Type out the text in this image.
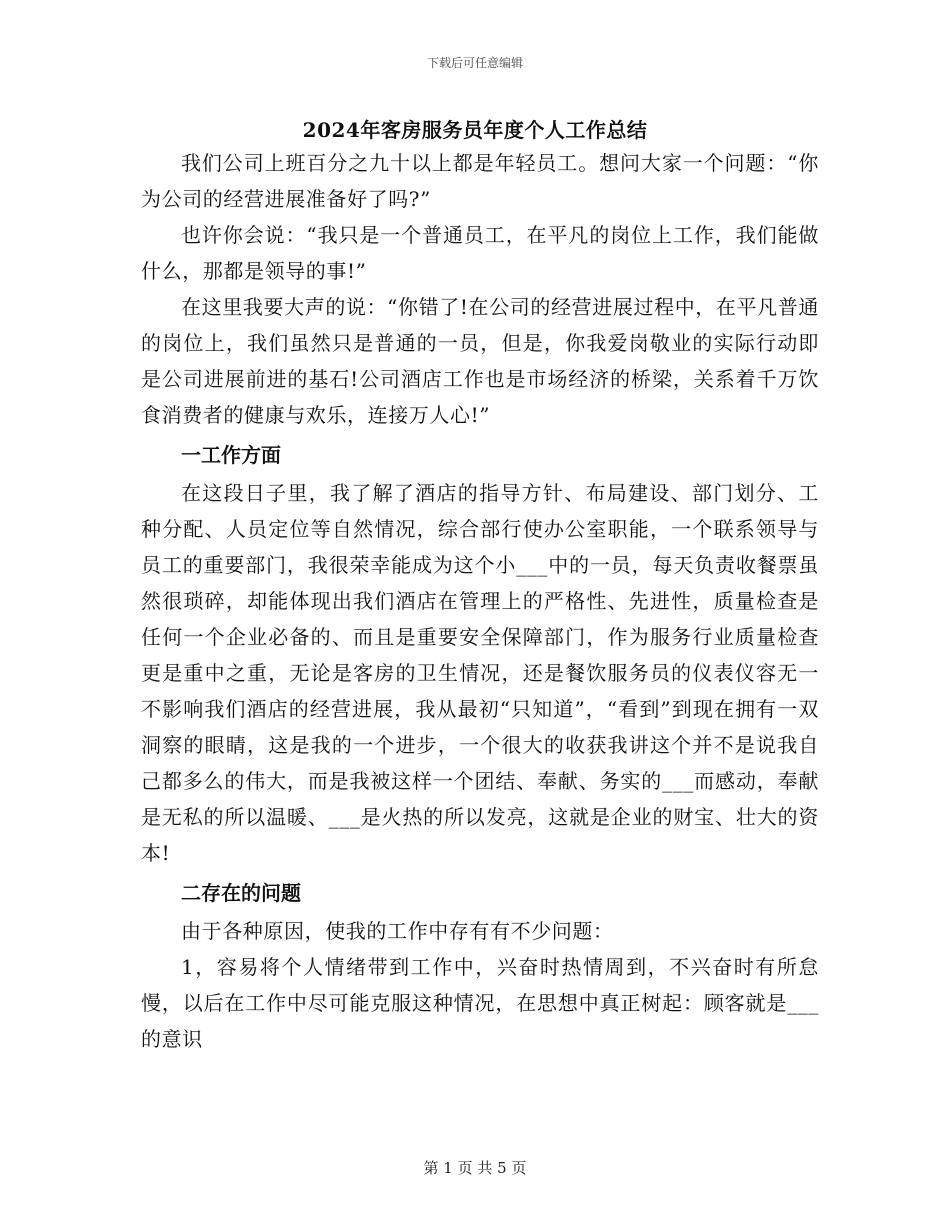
下载后可任意编辑
2024年客房服务员年度个人工作总结

我们公司上班百分之九十以上都是年轻员工。想问大家一个问题：“你为公司的经营进展准备好了吗?”

也许你会说：“我只是一个普通员工，在平凡的岗位上工作，我们能做什么，那都是领导的事!”

在这里我要大声的说：“你错了!在公司的经营进展过程中，在平凡普通的岗位上，我们虽然只是普通的一员，但是，你我爱岗敬业的实际行动即是公司进展前进的基石!公司酒店工作也是市场经济的桥梁，关系着千万饮食消费者的健康与欢乐，连接万人心!”

一工作方面

在这段日子里，我了解了酒店的指导方针、布局建设、部门划分、工种分配、人员定位等自然情况，综合部行使办公室职能，一个联系领导与员工的重要部门，我很荣幸能成为这个小___中的一员，每天负责收餐票虽然很琐碎，却能体现出我们酒店在管理上的严格性、先进性，质量检查是任何一个企业必备的、而且是重要安全保障部门，作为服务行业质量检查更是重中之重，无论是客房的卫生情况，还是餐饮服务员的仪表仪容无一不影响我们酒店的经营进展，我从最初“只知道”，“看到”到现在拥有一双洞察的眼睛，这是我的一个进步，一个很大的收获我讲这个并不是说我自己都多么的伟大，而是我被这样一个团结、奉献、务实的___而感动，奉献是无私的所以温暖、___是火热的所以发亮，这就是企业的财宝、壮大的资本!

二存在的问题

由于各种原因，使我的工作中存有有不少问题：

1，容易将个人情绪带到工作中，兴奋时热情周到，不兴奋时有所怠慢，以后在工作中尽可能克服这种情况，在思想中真正树起：顾客就是___的意识

第 1 页 共 5 页
